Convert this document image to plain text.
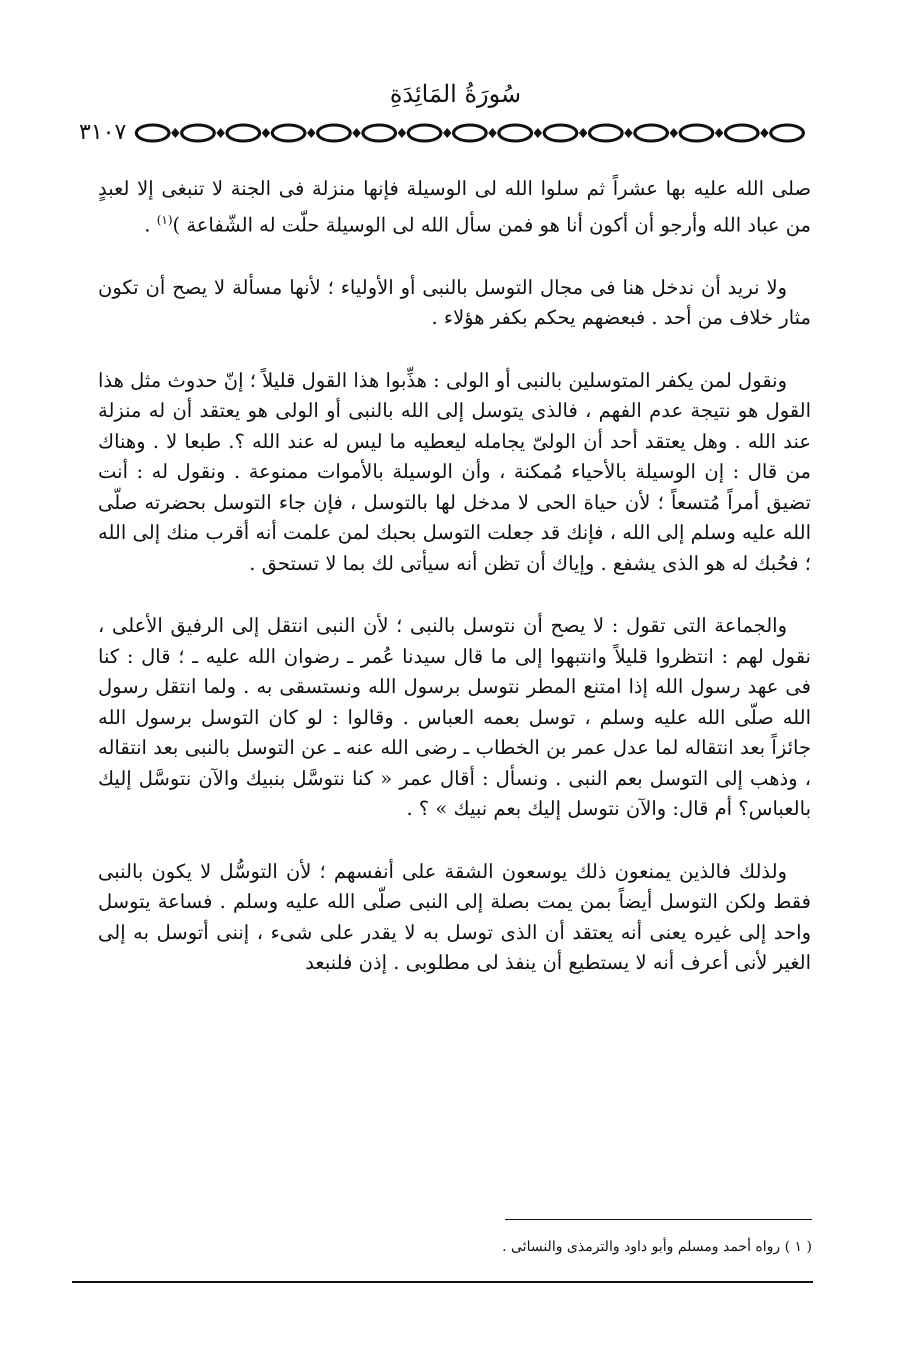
سُورَةُ المَائِدَةِ
٣١٠٧

صلى الله عليه بها عشراً ثم سلوا الله لى الوسيلة فإنها منزلة فى الجنة لا تنبغى إلا لعبدٍ من عباد الله وأرجو أن أكون أنا هو فمن سأل الله لى الوسيلة حلّت له الشّفاعة )$^{(١)}$ .

ولا نريد أن ندخل هنا فى مجال التوسل بالنبى أو الأولياء ؛ لأنها مسألة لا يصح أن تكون مثار خلاف من أحد . فبعضهم يحكم بكفر هؤلاء .

ونقول لمن يكفر المتوسلين بالنبى أو الولى : هذِّبوا هذا القول قليلاً ؛ إنّ حدوث مثل هذا القول هو نتيجة عدم الفهم ، فالذى يتوسل إلى الله بالنبى أو الولى هو يعتقد أن له منزلة عند الله . وهل يعتقد أحد أن الولىّ يجامله ليعطيه ما ليس له عند الله ؟. طبعا لا . وهناك من قال : إن الوسيلة بالأحياء مُمكنة ، وأن الوسيلة بالأموات ممنوعة . ونقول له : أنت تضيق أمراً مُتسعاً ؛ لأن حياة الحى لا مدخل لها بالتوسل ، فإن جاء التوسل بحضرته صلّى الله عليه وسلم إلى الله ، فإنك قد جعلت التوسل بحبك لمن علمت أنه أقرب منك إلى الله ؛ فحُبك له هو الذى يشفع . وإياك أن تظن أنه سيأتى لك بما لا تستحق .

والجماعة التى تقول : لا يصح أن نتوسل بالنبى ؛ لأن النبى انتقل إلى الرفيق الأعلى ، نقول لهم : انتظروا قليلاً وانتبهوا إلى ما قال سيدنا عُمر ـ رضوان الله عليه ـ ؛ قال : كنا فى عهد رسول الله إذا امتنع المطر نتوسل برسول الله ونستسقى به . ولما انتقل رسول الله صلّى الله عليه وسلم ، توسل بعمه العباس . وقالوا : لو كان التوسل برسول الله جائزاً بعد انتقاله لما عدل عمر بن الخطاب ـ رضى الله عنه ـ عن التوسل بالنبى بعد انتقاله ، وذهب إلى التوسل بعم النبى . ونسأل : أقال عمر « كنا نتوسَّل بنبيك والآن نتوسَّل إليك بالعباس؟ أم قال: والآن نتوسل إليك بعم نبيك » ؟ .

ولذلك فالذين يمنعون ذلك يوسعون الشقة على أنفسهم ؛ لأن التوسُّل لا يكون بالنبى فقط ولكن التوسل أيضاً بمن يمت بصلة إلى النبى صلّى الله عليه وسلم . فساعة يتوسل واحد إلى غيره يعنى أنه يعتقد أن الذى توسل به لا يقدر على شىء ، إننى أتوسل به إلى الغير لأنى أعرف أنه لا يستطيع أن ينفذ لى مطلوبى . إذن فلنبعد

( ١ ) رواه أحمد ومسلم وأبو داود والترمذى والنسائى .
